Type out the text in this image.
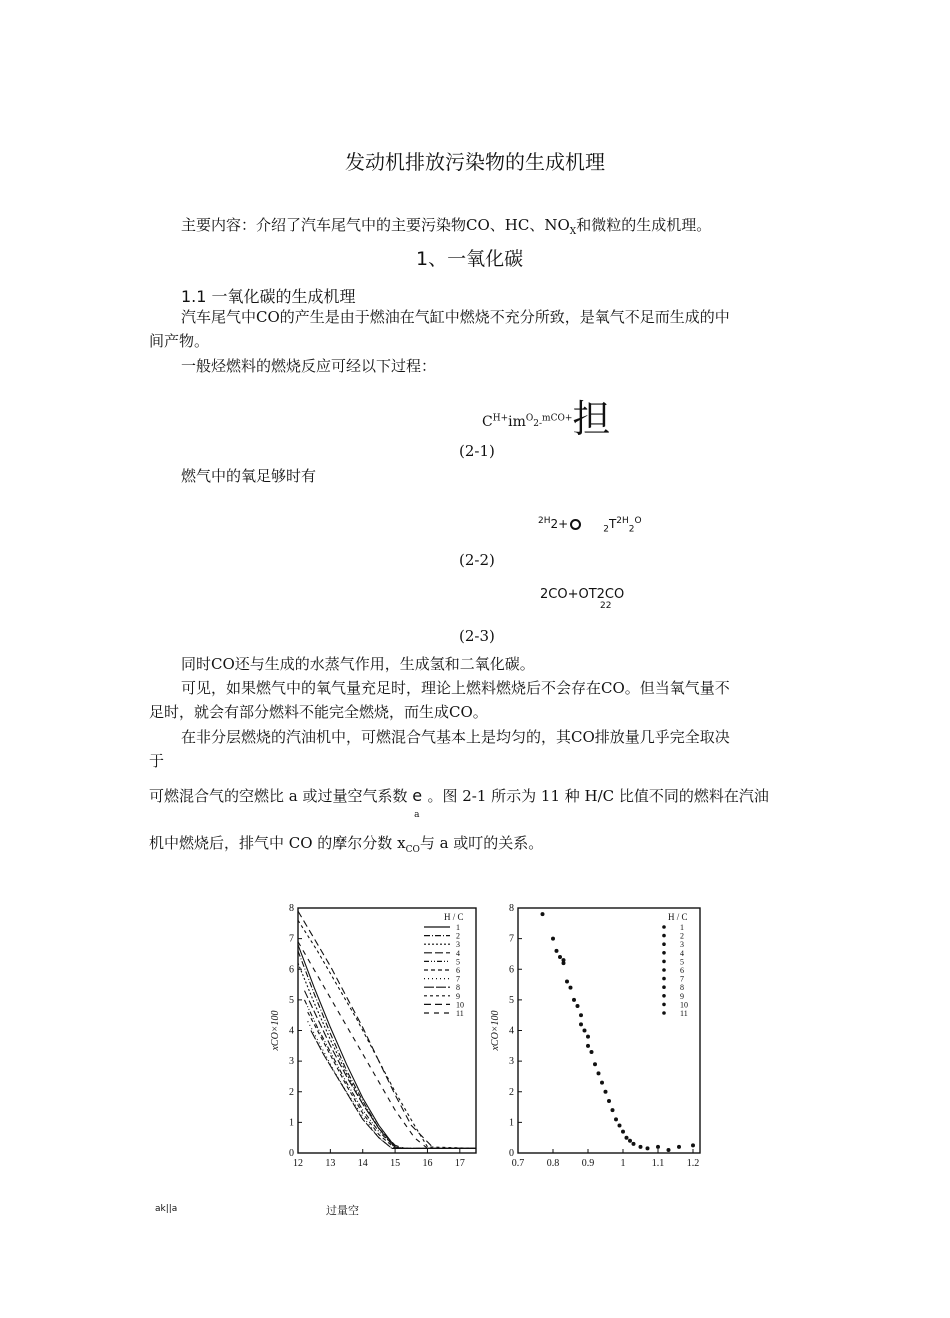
发动机排放污染物的生成机理
主要内容：介绍了汽车尾气中的主要污染物CO、HC、$NO_X$和微粒的生成机理。
1、一氧化碳
1.1 一氧化碳的生成机理
汽车尾气中CO的产生是由于燃油在气缸中燃烧不充分所致，是氧气不足而生成的中
间产物。
一般烃燃料的燃烧反应可经以下过程：
$C^{H+}im^O2-^{mCO+}$担
(2-1)
燃气中的氧足够时有
$^{2H}$2+	$_2T^{2H}_2^O$
(2-2)
2CO+OT2CO
22
(2-3)
同时CO还与生成的水蒸气作用，生成氢和二氧化碳。
可见，如果燃气中的氧气量充足时，理论上燃料燃烧后不会存在CO。但当氧气量不
足时，就会有部分燃料不能完全燃烧，而生成CO。
在非分层燃烧的汽油机中，可燃混合气基本上是均匀的，其CO排放量几乎完全取决
于
可燃混合气的空燃比 a 或过量空气系数 $e_a$。图 2-1 所示为 11 种 H/C 比值不同的燃料在汽油
机中燃烧后，排气中 CO 的摩尔分数 $x_{CO}$与 a 或叮的关系。
12 13 14 15 16 17
0
1
2
3
4
5
6
7
8
xCO×100
H / C
1
2
3
4
5
6
7
8
9
10
11
0.7 0.8 0.9	1	1.1 1.2
0
1
2
3
4
5
6
7
8
xCO×100
H / C
1
2
3
4
5
6
7
8
9
10
11
ak||a	过量空
